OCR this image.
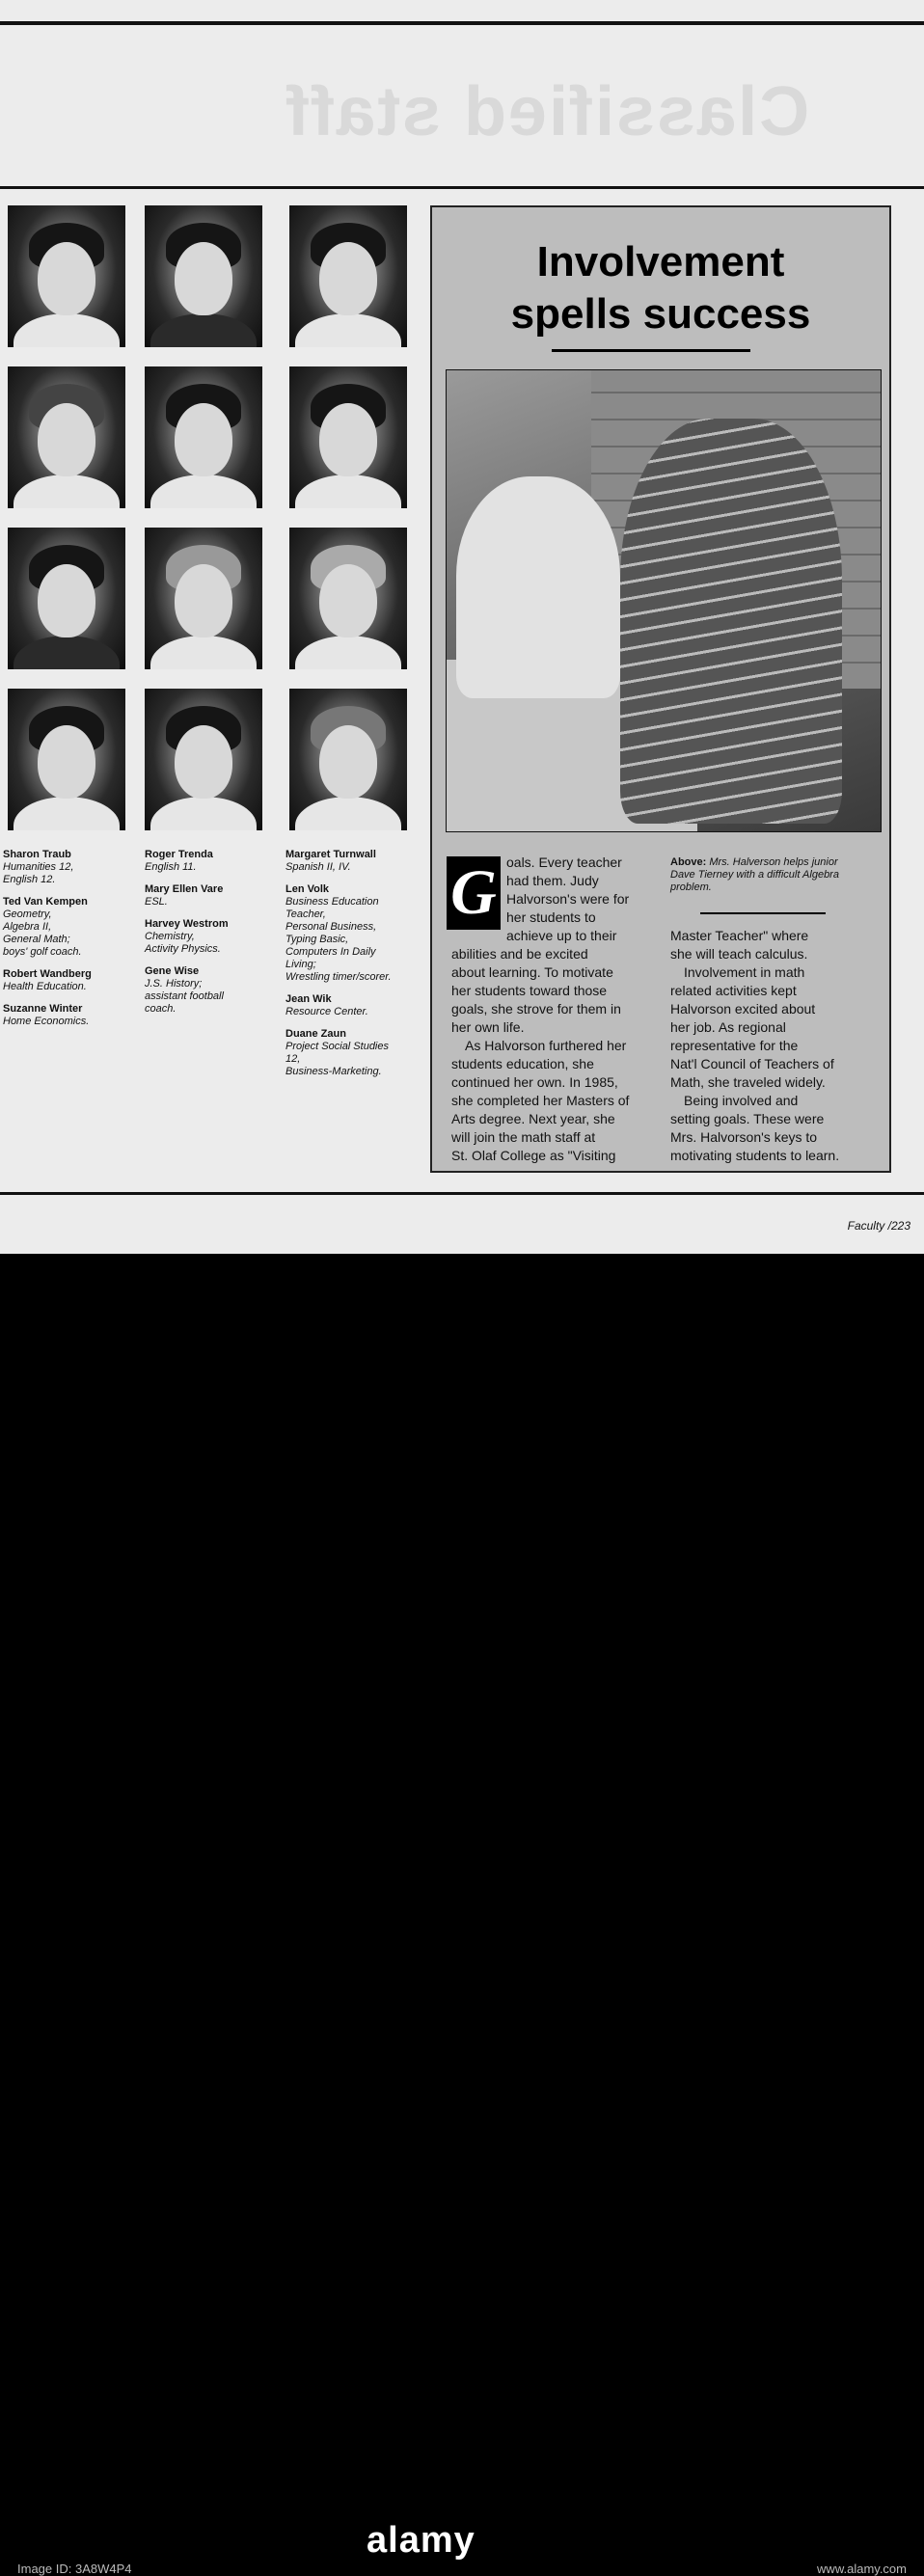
Classified staff
Sharon Traub
Humanities 12,
English 12.
Ted Van Kempen
Geometry,
Algebra II,
General Math;
boys' golf coach.
Robert Wandberg
Health Education.
Suzanne Winter
Home Economics.
Roger Trenda
English 11.
Mary Ellen Vare
ESL.
Harvey Westrom
Chemistry,
Activity Physics.
Gene Wise
J.S. History;
assistant football
coach.
Margaret Turnwall
Spanish II, IV.
Len Volk
Business Education
Teacher,
Personal Business,
Typing Basic,
Computers In Daily
Living;
Wrestling timer/scorer.
Jean Wik
Resource Center.
Duane Zaun
Project Social Studies
12,
Business-Marketing.
Involvement
spells success
G oals. Every teacher
had them. Judy
Halvorson's were for
her students to
achieve up to their
abilities and be excited
about learning. To motivate
her students toward those
goals, she strove for them in
her own life.
As Halvorson furthered her
students education, she
continued her own. In 1985,
she completed her Masters of
Arts degree. Next year, she
will join the math staff at
St. Olaf College as "Visiting
Above: Mrs. Halverson helps junior Dave Tierney with a difficult Algebra problem.
Master Teacher" where
she will teach calculus.
Involvement in math
related activities kept
Halvorson excited about
her job. As regional
representative for the
Nat'l Council of Teachers of
Math, she traveled widely.
Being involved and
setting goals. These were
Mrs. Halvorson's keys to
motivating students to learn.
Faculty /223
alamy
Image ID: 3A8W4P4	www.alamy.com
